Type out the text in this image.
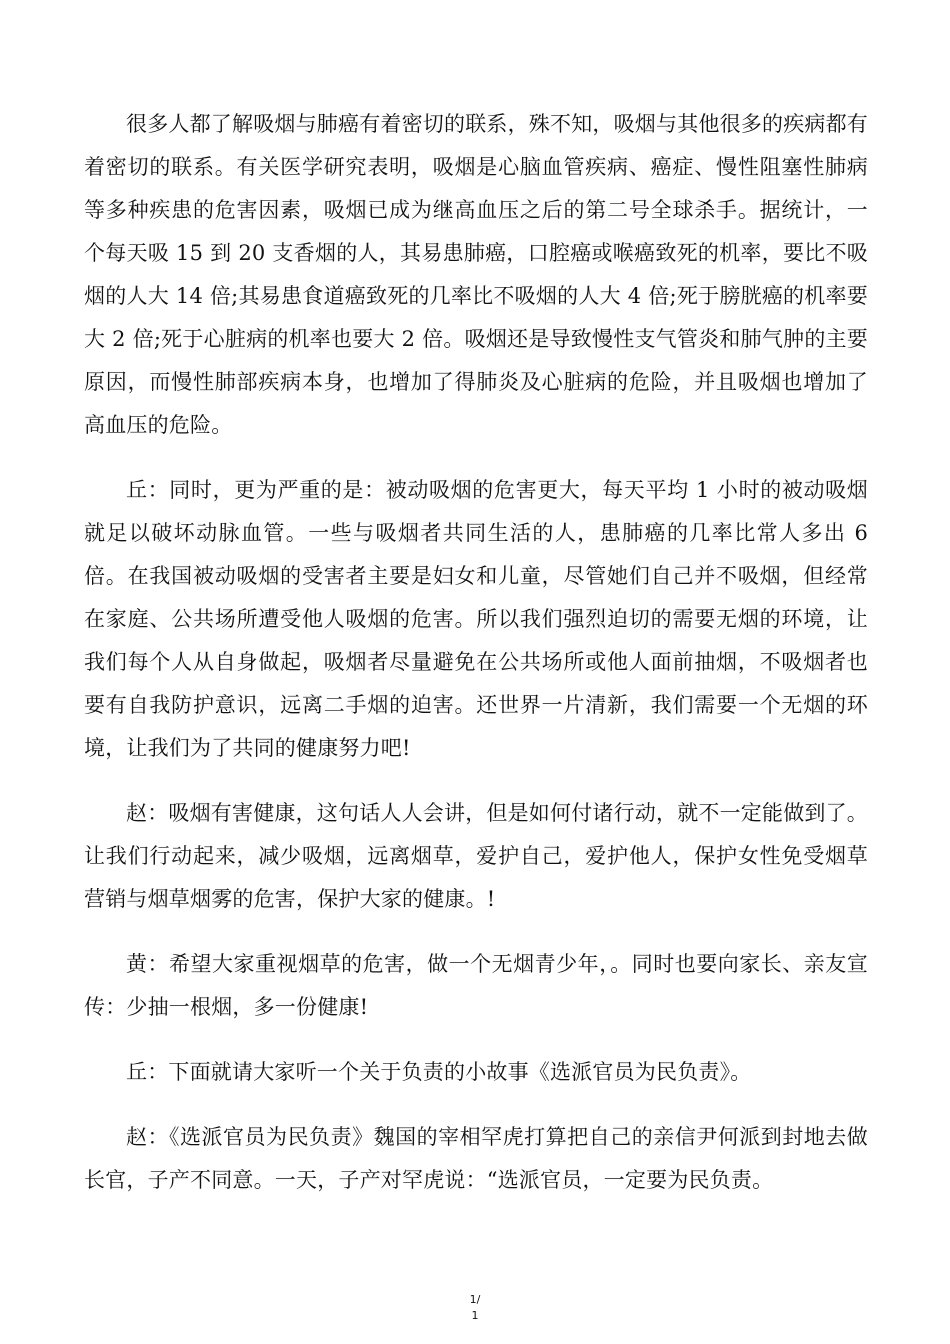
很多人都了解吸烟与肺癌有着密切的联系，殊不知，吸烟与其他很多的疾病都有着密切的联系。有关医学研究表明，吸烟是心脑血管疾病、癌症、慢性阻塞性肺病等多种疾患的危害因素，吸烟已成为继高血压之后的第二号全球杀手。据统计，一个每天吸 15 到 20 支香烟的人，其易患肺癌，口腔癌或喉癌致死的机率，要比不吸烟的人大 14 倍;其易患食道癌致死的几率比不吸烟的人大 4 倍;死于膀胱癌的机率要大 2 倍;死于心脏病的机率也要大 2 倍。吸烟还是导致慢性支气管炎和肺气肿的主要原因，而慢性肺部疾病本身，也增加了得肺炎及心脏病的危险，并且吸烟也增加了高血压的危险。

丘：同时，更为严重的是：被动吸烟的危害更大，每天平均 1 小时的被动吸烟就足以破坏动脉血管。一些与吸烟者共同生活的人，患肺癌的几率比常人多出 6 倍。在我国被动吸烟的受害者主要是妇女和儿童，尽管她们自己并不吸烟，但经常在家庭、公共场所遭受他人吸烟的危害。所以我们强烈迫切的需要无烟的环境，让我们每个人从自身做起，吸烟者尽量避免在公共场所或他人面前抽烟，不吸烟者也要有自我防护意识，远离二手烟的迫害。还世界一片清新，我们需要一个无烟的环境，让我们为了共同的健康努力吧!

赵：吸烟有害健康，这句话人人会讲，但是如何付诸行动，就不一定能做到了。让我们行动起来，减少吸烟，远离烟草，爱护自己，爱护他人，保护女性免受烟草营销与烟草烟雾的危害，保护大家的健康。!

黄：希望大家重视烟草的危害，做一个无烟青少年，。同时也要向家长、亲友宣传：少抽一根烟，多一份健康!

丘：下面就请大家听一个关于负责的小故事《选派官员为民负责》。

赵：《选派官员为民负责》魏国的宰相罕虎打算把自己的亲信尹何派到封地去做长官，子产不同意。一天，子产对罕虎说：“选派官员，一定要为民负责。

1/
1
